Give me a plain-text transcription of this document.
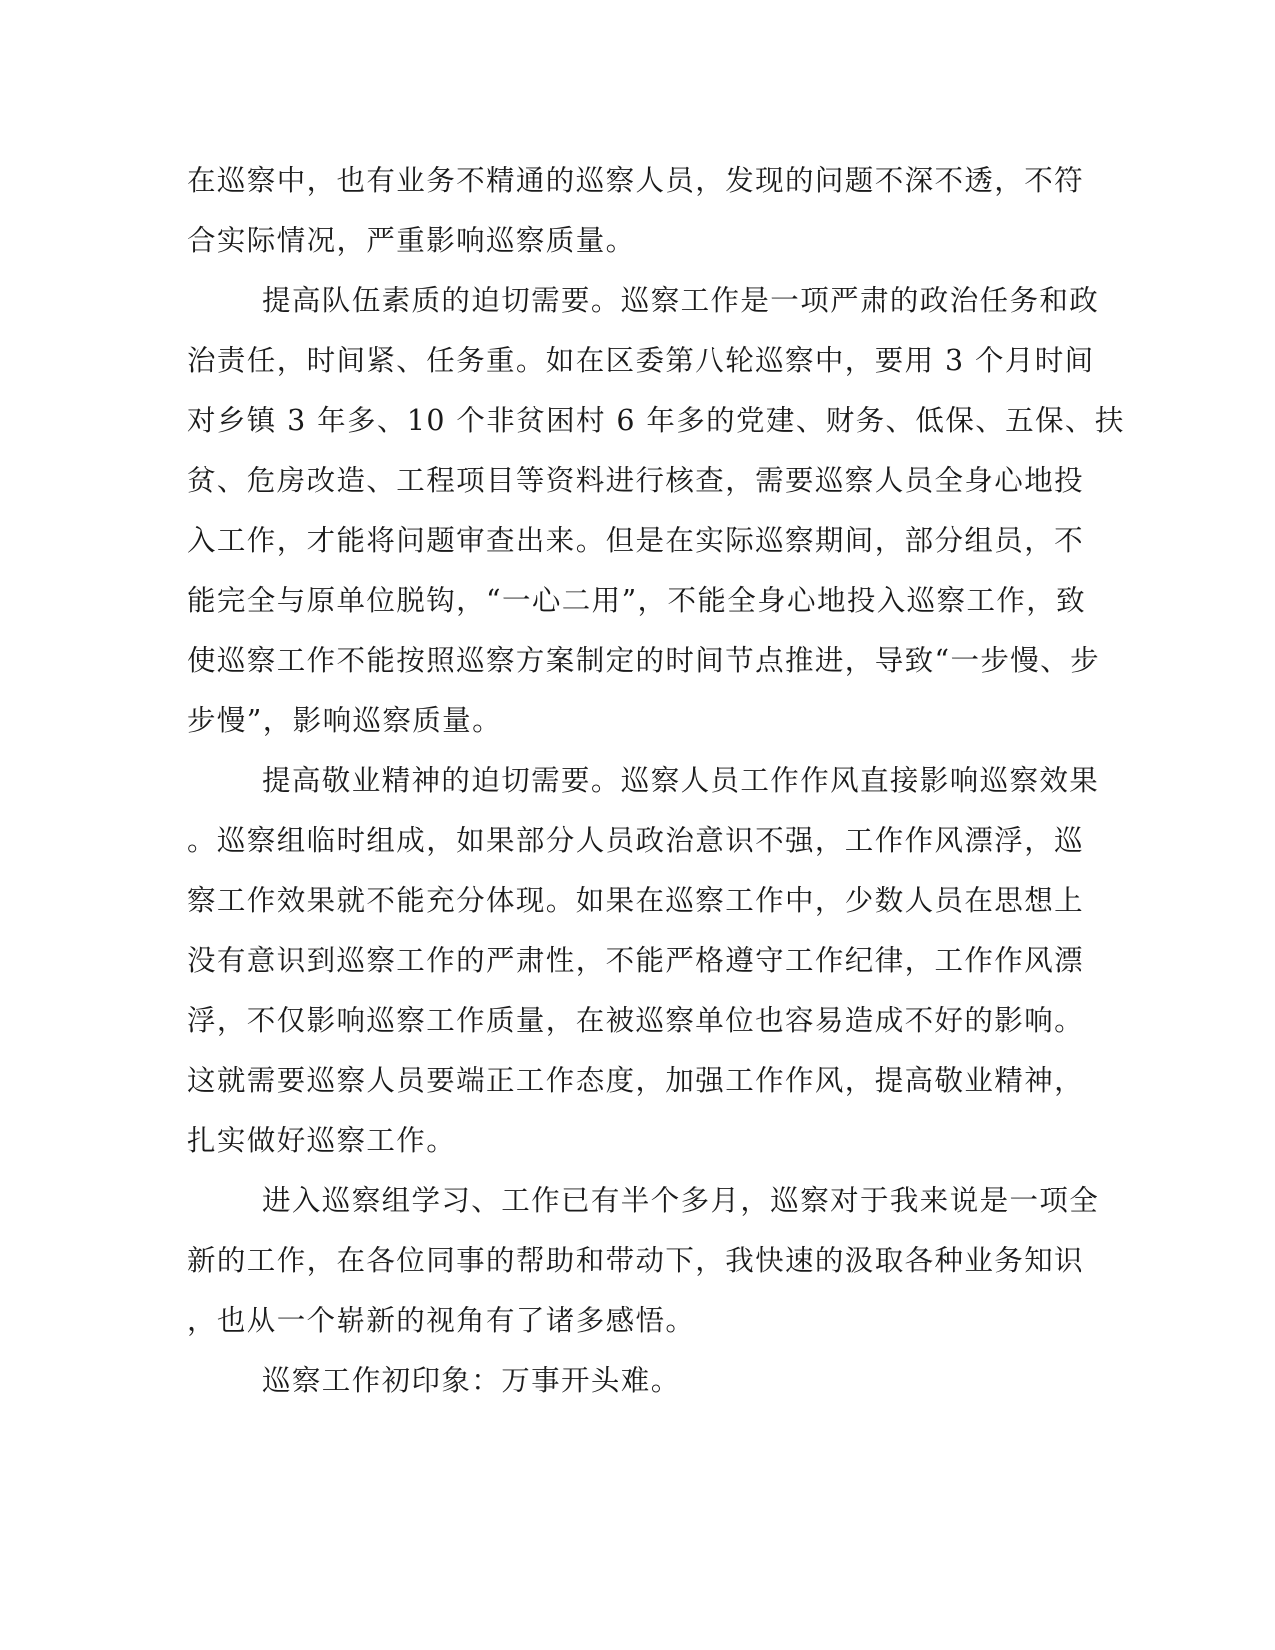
在巡察中，也有业务不精通的巡察人员，发现的问题不深不透，不符
合实际情况，严重影响巡察质量。
提高队伍素质的迫切需要。巡察工作是一项严肃的政治任务和政
治责任，时间紧、任务重。如在区委第八轮巡察中，要用 3 个月时间
对乡镇 3 年多、10 个非贫困村 6 年多的党建、财务、低保、五保、扶
贫、危房改造、工程项目等资料进行核查，需要巡察人员全身心地投
入工作，才能将问题审查出来。但是在实际巡察期间，部分组员，不
能完全与原单位脱钩，“一心二用”，不能全身心地投入巡察工作，致
使巡察工作不能按照巡察方案制定的时间节点推进，导致“一步慢、步
步慢”，影响巡察质量。
提高敬业精神的迫切需要。巡察人员工作作风直接影响巡察效果
。巡察组临时组成，如果部分人员政治意识不强，工作作风漂浮，巡
察工作效果就不能充分体现。如果在巡察工作中，少数人员在思想上
没有意识到巡察工作的严肃性，不能严格遵守工作纪律，工作作风漂
浮，不仅影响巡察工作质量，在被巡察单位也容易造成不好的影响。
这就需要巡察人员要端正工作态度，加强工作作风，提高敬业精神，
扎实做好巡察工作。
进入巡察组学习、工作已有半个多月，巡察对于我来说是一项全
新的工作，在各位同事的帮助和带动下，我快速的汲取各种业务知识
，也从一个崭新的视角有了诸多感悟。
巡察工作初印象：万事开头难。
